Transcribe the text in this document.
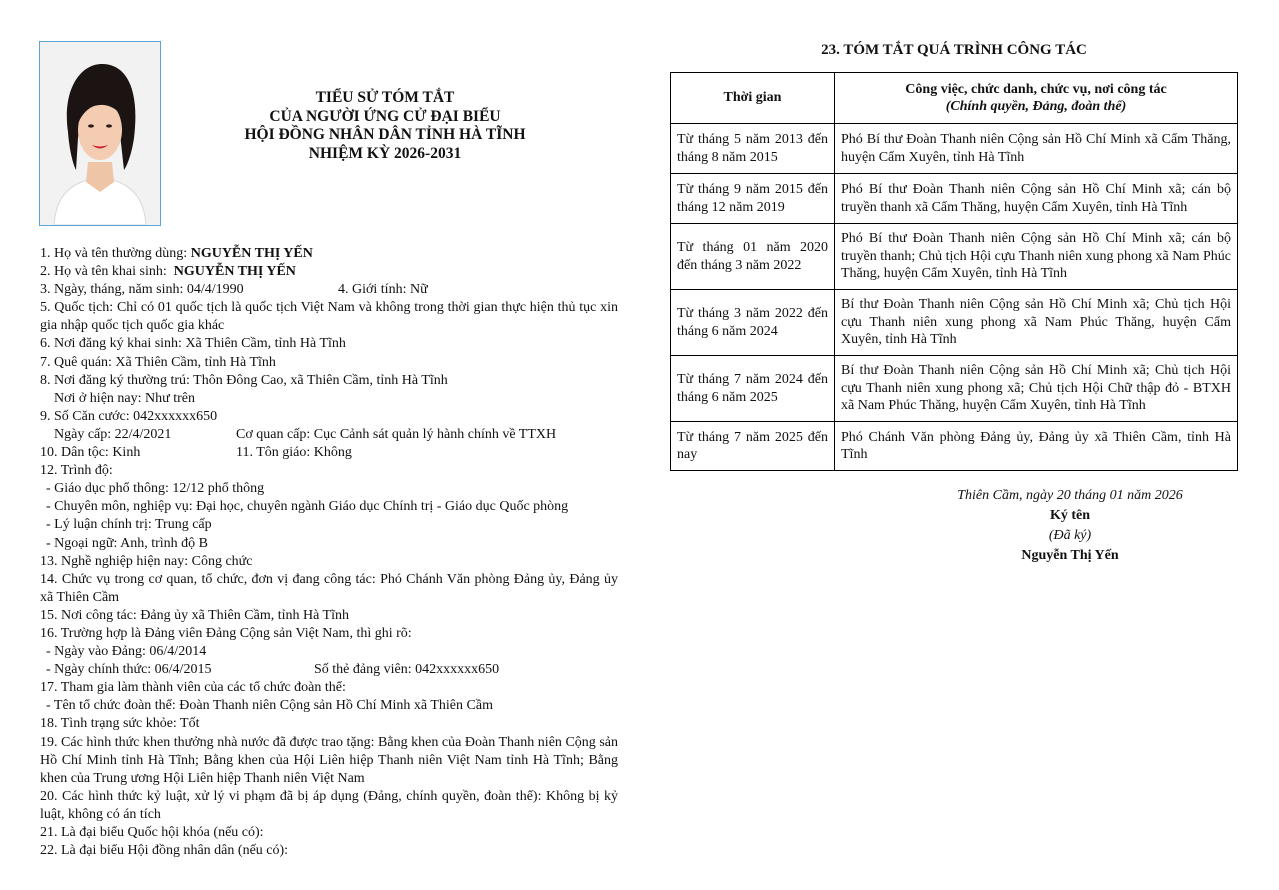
TIỂU SỬ TÓM TẮT
CỦA NGƯỜI ỨNG CỬ ĐẠI BIỂU
HỘI ĐỒNG NHÂN DÂN TỈNH HÀ TĨNH
NHIỆM KỲ 2026-2031
1. Họ và tên thường dùng: NGUYỄN THỊ YẾN
2. Họ và tên khai sinh:  NGUYỄN THỊ YẾN
3. Ngày, tháng, năm sinh: 04/4/1990	4. Giới tính: Nữ
5. Quốc tịch: Chỉ có 01 quốc tịch là quốc tịch Việt Nam và không trong thời gian thực hiện thủ tục xin gia nhập quốc tịch quốc gia khác
6. Nơi đăng ký khai sinh: Xã Thiên Cầm, tỉnh Hà Tĩnh
7. Quê quán: Xã Thiên Cầm, tỉnh Hà Tĩnh
8. Nơi đăng ký thường trú: Thôn Đông Cao, xã Thiên Cầm, tỉnh Hà Tĩnh
Nơi ở hiện nay: Như trên
9. Số Căn cước: 042xxxxxx650
Ngày cấp: 22/4/2021	Cơ quan cấp: Cục Cảnh sát quản lý hành chính về TTXH
10. Dân tộc: Kinh	11. Tôn giáo: Không
12. Trình độ:
- Giáo dục phổ thông: 12/12 phổ thông
- Chuyên môn, nghiệp vụ: Đại học, chuyên ngành Giáo dục Chính trị - Giáo dục Quốc phòng
- Lý luận chính trị: Trung cấp
- Ngoại ngữ: Anh, trình độ B
13. Nghề nghiệp hiện nay: Công chức
14. Chức vụ trong cơ quan, tổ chức, đơn vị đang công tác: Phó Chánh Văn phòng Đảng ủy, Đảng ủy xã Thiên Cầm
15. Nơi công tác: Đảng ủy xã Thiên Cầm, tỉnh Hà Tĩnh
16. Trường hợp là Đảng viên Đảng Cộng sản Việt Nam, thì ghi rõ:
- Ngày vào Đảng: 06/4/2014
- Ngày chính thức: 06/4/2015	Số thẻ đảng viên: 042xxxxxx650
17. Tham gia làm thành viên của các tổ chức đoàn thể:
- Tên tổ chức đoàn thể: Đoàn Thanh niên Cộng sản Hồ Chí Minh xã Thiên Cầm
18. Tình trạng sức khỏe: Tốt
19. Các hình thức khen thưởng nhà nước đã được trao tặng: Bằng khen của Đoàn Thanh niên Cộng sản Hồ Chí Minh tỉnh Hà Tĩnh; Bằng khen của Hội Liên hiệp Thanh niên Việt Nam tỉnh Hà Tĩnh; Bằng khen của Trung ương Hội Liên hiệp Thanh niên Việt Nam
20. Các hình thức kỷ luật, xử lý vi phạm đã bị áp dụng (Đảng, chính quyền, đoàn thể): Không bị kỷ luật, không có án tích
21. Là đại biểu Quốc hội khóa (nếu có):
22. Là đại biểu Hội đồng nhân dân (nếu có):
23. TÓM TẮT QUÁ TRÌNH CÔNG TÁC
Thời gian	Công việc, chức danh, chức vụ, nơi công tác
(Chính quyền, Đảng, đoàn thể)

Từ tháng 5 năm 2013 đến tháng 8 năm 2015	Phó Bí thư Đoàn Thanh niên Cộng sản Hồ Chí Minh xã Cẩm Thăng, huyện Cẩm Xuyên, tỉnh Hà Tĩnh
Từ tháng 9 năm 2015 đến tháng 12 năm 2019	Phó Bí thư Đoàn Thanh niên Cộng sản Hồ Chí Minh xã; cán bộ truyền thanh xã Cẩm Thăng, huyện Cẩm Xuyên, tỉnh Hà Tĩnh
Từ tháng 01 năm 2020 đến tháng 3 năm 2022	Phó Bí thư Đoàn Thanh niên Cộng sản Hồ Chí Minh xã; cán bộ truyền thanh; Chủ tịch Hội cựu Thanh niên xung phong xã Nam Phúc Thăng, huyện Cẩm Xuyên, tỉnh Hà Tĩnh
Từ tháng 3 năm 2022 đến tháng 6 năm 2024	Bí thư Đoàn Thanh niên Cộng sản Hồ Chí Minh xã; Chủ tịch Hội cựu Thanh niên xung phong xã Nam Phúc Thăng, huyện Cẩm Xuyên, tỉnh Hà Tĩnh
Từ tháng 7 năm 2024 đến tháng 6 năm 2025	Bí thư Đoàn Thanh niên Cộng sản Hồ Chí Minh xã; Chủ tịch Hội cựu Thanh niên xung phong xã; Chủ tịch Hội Chữ thập đỏ - BTXH xã Nam Phúc Thăng, huyện Cẩm Xuyên, tỉnh Hà Tĩnh
Từ tháng 7 năm 2025 đến nay	Phó Chánh Văn phòng Đảng ủy, Đảng ủy xã Thiên Cầm, tỉnh Hà Tĩnh
Thiên Cầm, ngày 20 tháng 01 năm 2026
Ký tên
(Đã ký)
Nguyễn Thị Yến
